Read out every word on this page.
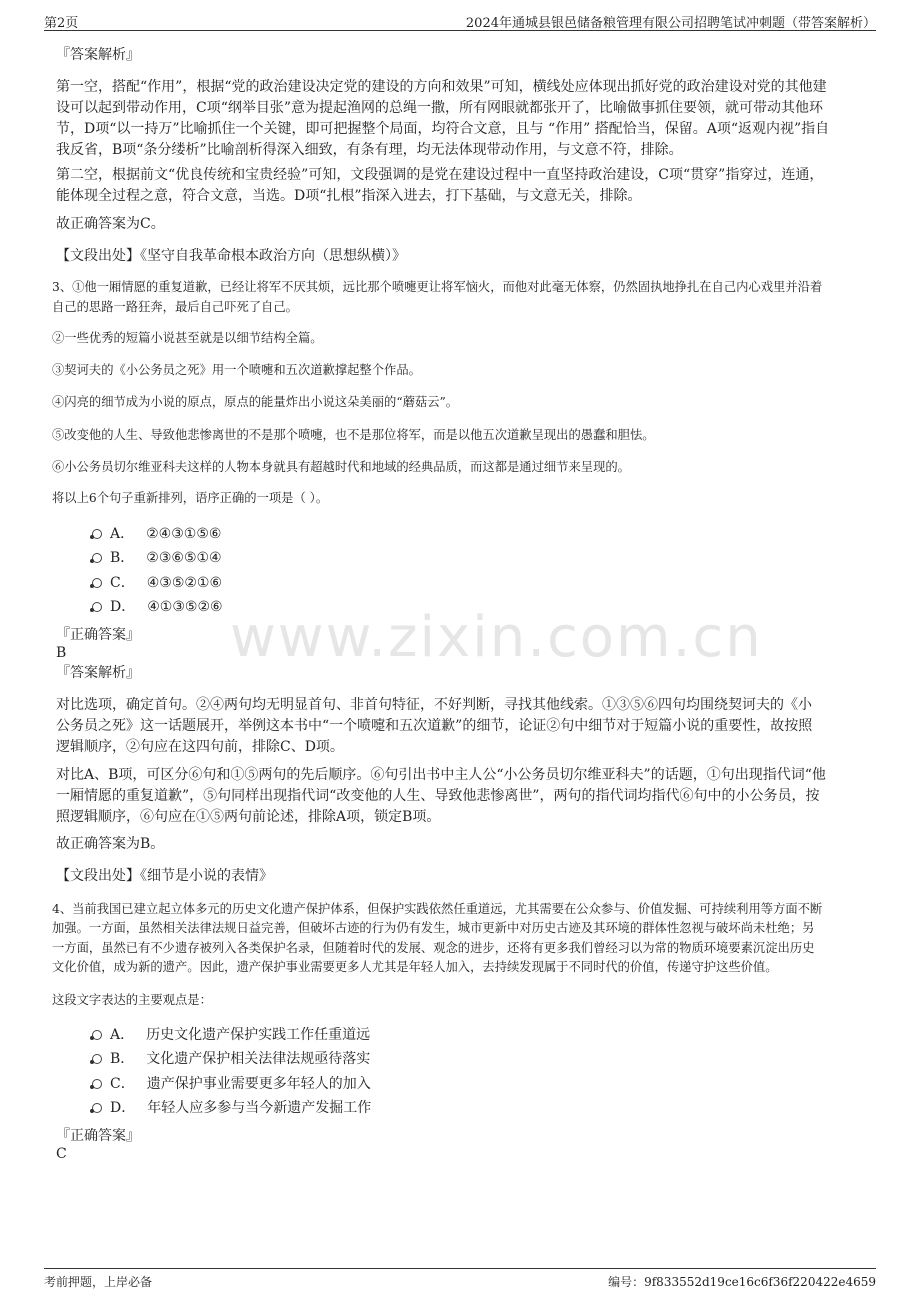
第2页	2024年通城县银邑储备粮管理有限公司招聘笔试冲刺题（带答案解析）
www.zixin.com.cn

『答案解析』

第一空，搭配“作用”，根据“党的政治建设决定党的建设的方向和效果”可知，横线处应体现出抓好党的政治建设对党的其他建

设可以起到带动作用，C项“纲举目张”意为提起渔网的总绳一撒，所有网眼就都张开了，比喻做事抓住要领，就可带动其他环

节，D项“以一持万”比喻抓住一个关键，即可把握整个局面，均符合文意，且与 “作用” 搭配恰当，保留。A项“返观内视”指自

我反省，B项“条分缕析”比喻剖析得深入细致，有条有理，均无法体现带动作用，与文意不符，排除。

第二空，根据前文“优良传统和宝贵经验”可知，文段强调的是党在建设过程中一直坚持政治建设，C项“贯穿”指穿过，连通，

能体现全过程之意，符合文意，当选。D项“扎根”指深入进去，打下基础，与文意无关，排除。

故正确答案为C。

【文段出处】《坚守自我革命根本政治方向（思想纵横）》

3、①他一厢情愿的重复道歉，已经让将军不厌其烦，远比那个喷嚏更让将军恼火，而他对此毫无体察，仍然固执地挣扎在自己内心戏里并沿着

自己的思路一路狂奔，最后自己吓死了自己。

②一些优秀的短篇小说甚至就是以细节结构全篇。

③契诃夫的《小公务员之死》用一个喷嚏和五次道歉撑起整个作品。

④闪亮的细节成为小说的原点，原点的能量炸出小说这朵美丽的“蘑菇云”。

⑤改变他的人生、导致他悲惨离世的不是那个喷嚏，也不是那位将军，而是以他五次道歉呈现出的愚蠢和胆怯。

⑥小公务员切尔维亚科夫这样的人物本身就具有超越时代和地域的经典品质，而这都是通过细节来呈现的。

将以上6个句子重新排列，语序正确的一项是（ ）。

A． ②④③①⑤⑥
B． ②③⑥⑤①④
C． ④③⑤②①⑥
D． ④①③⑤②⑥

『正确答案』

B

『答案解析』

对比选项，确定首句。②④两句均无明显首句、非首句特征，不好判断，寻找其他线索。①③⑤⑥四句均围绕契诃夫的《小

公务员之死》这一话题展开，举例这本书中“一个喷嚏和五次道歉”的细节，论证②句中细节对于短篇小说的重要性，故按照

逻辑顺序，②句应在这四句前，排除C、D项。

对比A、B项，可区分⑥句和①⑤两句的先后顺序。⑥句引出书中主人公“小公务员切尔维亚科夫”的话题，①句出现指代词“他

一厢情愿的重复道歉”，⑤句同样出现指代词“改变他的人生、导致他悲惨离世”，两句的指代词均指代⑥句中的小公务员，按

照逻辑顺序，⑥句应在①⑤两句前论述，排除A项，锁定B项。

故正确答案为B。

【文段出处】《细节是小说的表情》

4、当前我国已建立起立体多元的历史文化遗产保护体系，但保护实践依然任重道远，尤其需要在公众参与、价值发掘、可持续利用等方面不断

加强。一方面，虽然相关法律法规日益完善，但破坏古迹的行为仍有发生，城市更新中对历史古迹及其环境的群体性忽视与破坏尚未杜绝；另

一方面，虽然已有不少遗存被列入各类保护名录，但随着时代的发展、观念的进步，还将有更多我们曾经习以为常的物质环境要素沉淀出历史

文化价值，成为新的遗产。因此，遗产保护事业需要更多人尤其是年轻人加入，去持续发现属于不同时代的价值，传递守护这些价值。

这段文字表达的主要观点是：

A． 历史文化遗产保护实践工作任重道远
B． 文化遗产保护相关法律法规亟待落实
C． 遗产保护事业需要更多年轻人的加入
D． 年轻人应多参与当今新遗产发掘工作

『正确答案』

C

考前押题，上岸必备	编号：9f833552d19ce16c6f36f220422e4659
